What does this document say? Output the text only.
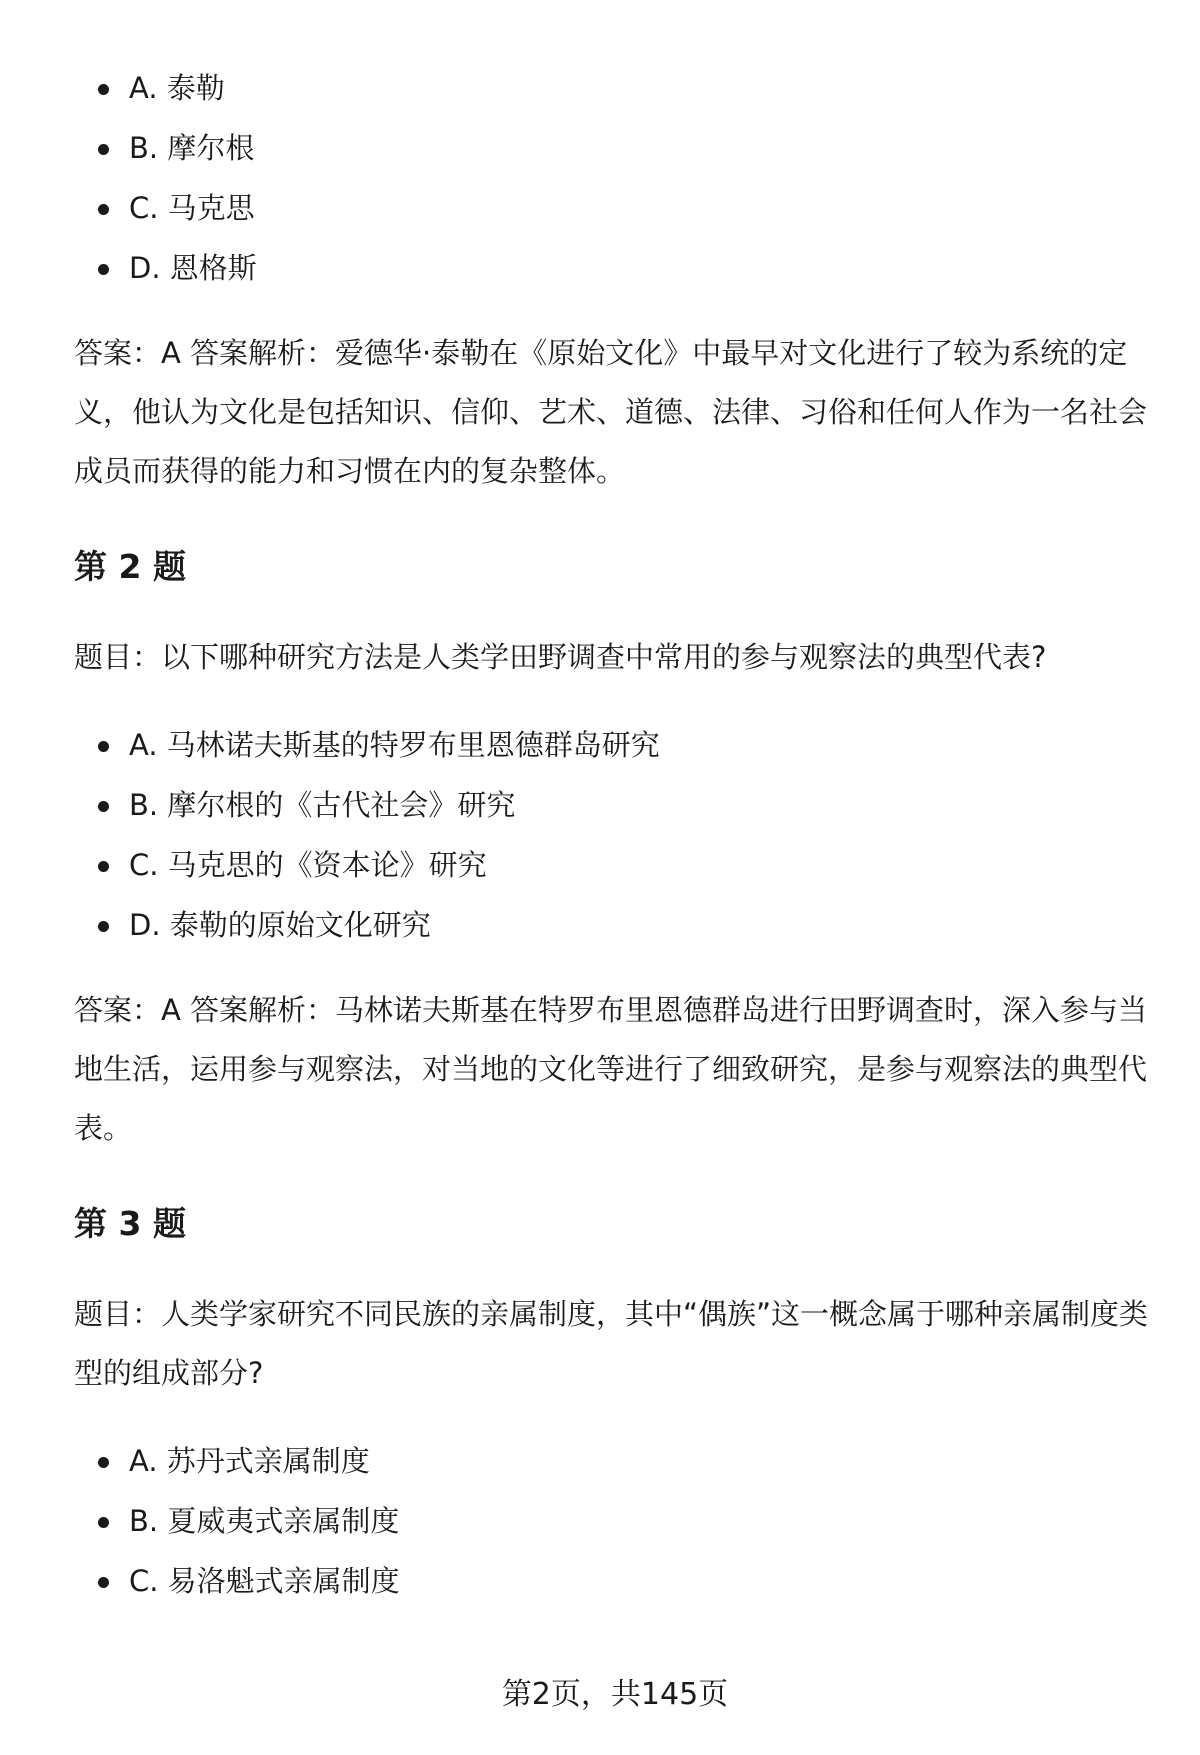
A. 泰勒
B. 摩尔根
C. 马克思
D. 恩格斯

答案：A 答案解析：爱德华·泰勒在《原始文化》中最早对文化进行了较为系统的定义，他认为文化是包括知识、信仰、艺术、道德、法律、习俗和任何人作为一名社会成员而获得的能力和习惯在内的复杂整体。

第 2 题

题目：以下哪种研究方法是人类学田野调查中常用的参与观察法的典型代表?

A. 马林诺夫斯基的特罗布里恩德群岛研究
B. 摩尔根的《古代社会》研究
C. 马克思的《资本论》研究
D. 泰勒的原始文化研究

答案：A 答案解析：马林诺夫斯基在特罗布里恩德群岛进行田野调查时，深入参与当地生活，运用参与观察法，对当地的文化等进行了细致研究，是参与观察法的典型代表。

第 3 题

题目：人类学家研究不同民族的亲属制度，其中“偶族”这一概念属于哪种亲属制度类型的组成部分?

A. 苏丹式亲属制度
B. 夏威夷式亲属制度
C. 易洛魁式亲属制度
第2页，共145页
